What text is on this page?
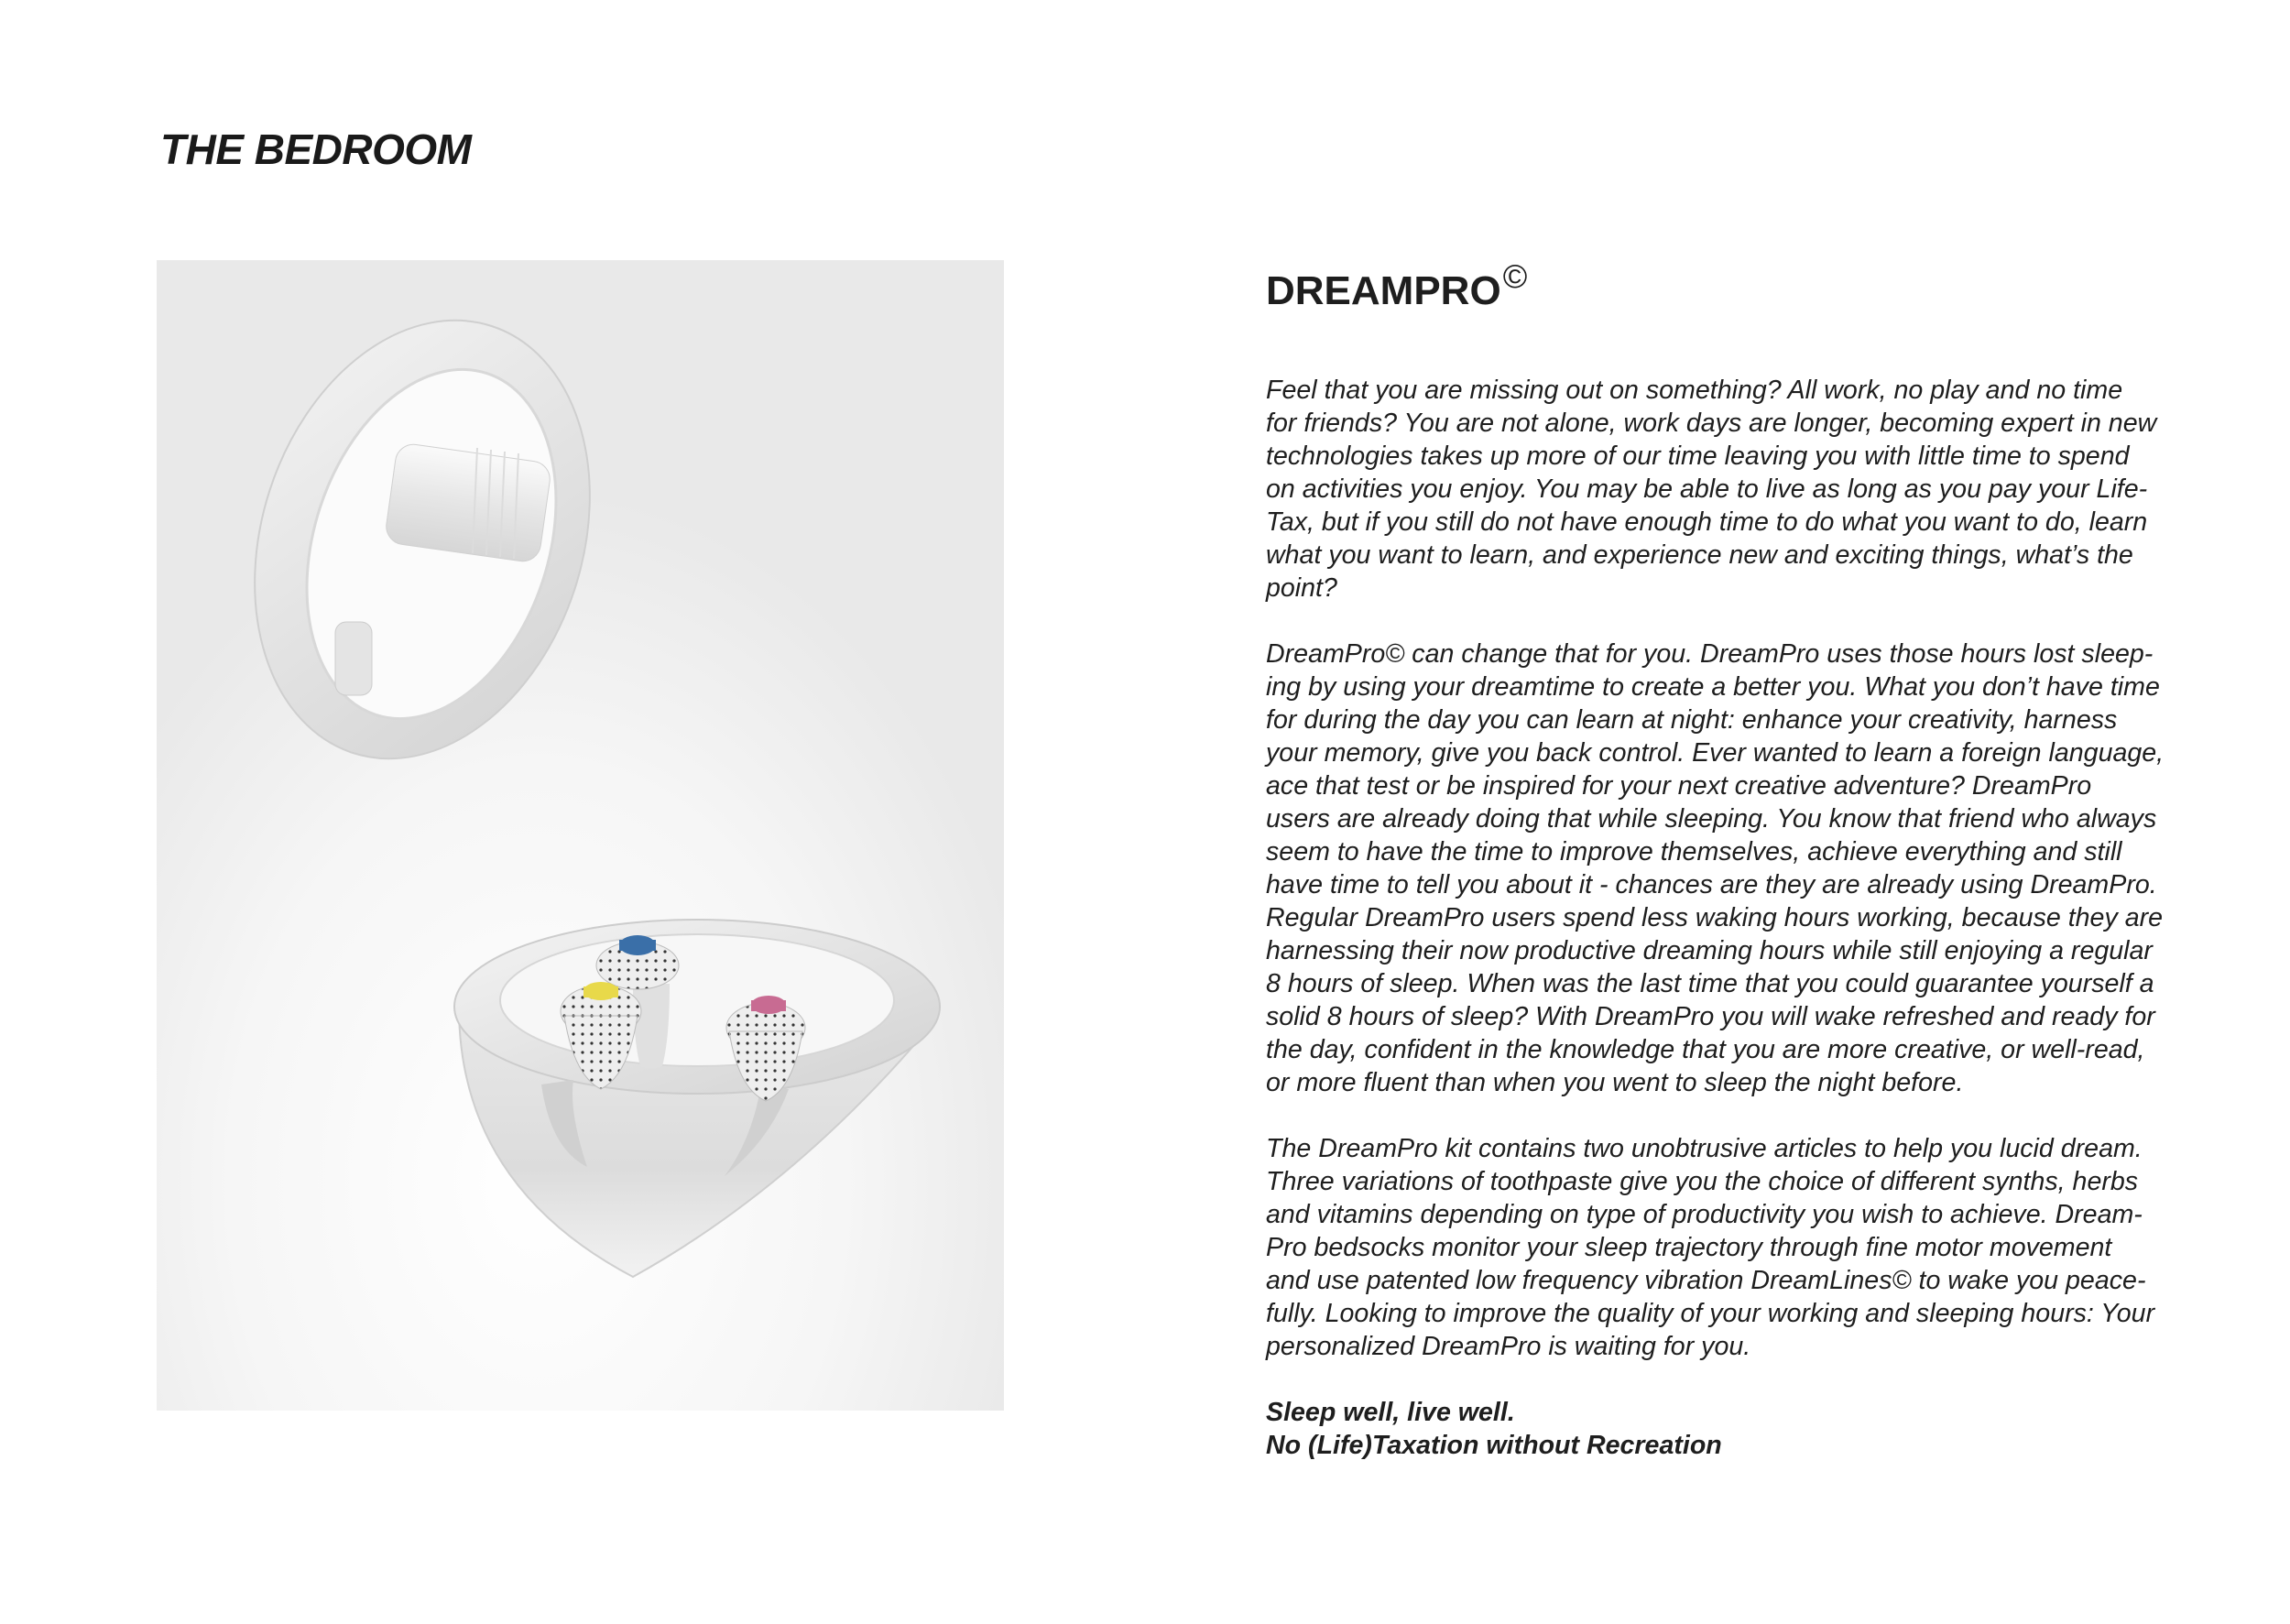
THE BEDROOM
DREAMPRO©

Feel that you are missing out on something? All work, no play and no time
for friends? You are not alone, work days are longer, becoming expert in new
technologies takes up more of our time leaving you with little time to spend
on activities you enjoy. You may be able to live as long as you pay your Life-
Tax, but if you still do not have enough time to do what you want to do, learn
what you want to learn, and experience new and exciting things, what’s the
point?

DreamPro© can change that for you. DreamPro uses those hours lost sleep-
ing by using your dreamtime to create a better you. What you don’t have time
for during the day you can learn at night: enhance your creativity, harness
your memory, give you back control. Ever wanted to learn a foreign language,
ace that test or be inspired for your next creative adventure? DreamPro
users are already doing that while sleeping. You know that friend who always
seem to have the time to improve themselves, achieve everything and still
have time to tell you about it - chances are they are already using DreamPro.
Regular DreamPro users spend less waking hours working, because they are
harnessing their now productive dreaming hours while still enjoying a regular
8 hours of sleep. When was the last time that you could guarantee yourself a
solid 8 hours of sleep? With DreamPro you will wake refreshed and ready for
the day, confident in the knowledge that you are more creative, or well-read,
or more fluent than when you went to sleep the night before.

The DreamPro kit contains two unobtrusive articles to help you lucid dream.
Three variations of toothpaste give you the choice of different synths, herbs
and vitamins depending on type of productivity you wish to achieve. Dream-
Pro bedsocks monitor your sleep trajectory through fine motor movement
and use patented low frequency vibration DreamLines© to wake you peace-
fully. Looking to improve the quality of your working and sleeping hours: Your
personalized DreamPro is waiting for you.

Sleep well, live well.
No (Life)Taxation without Recreation
